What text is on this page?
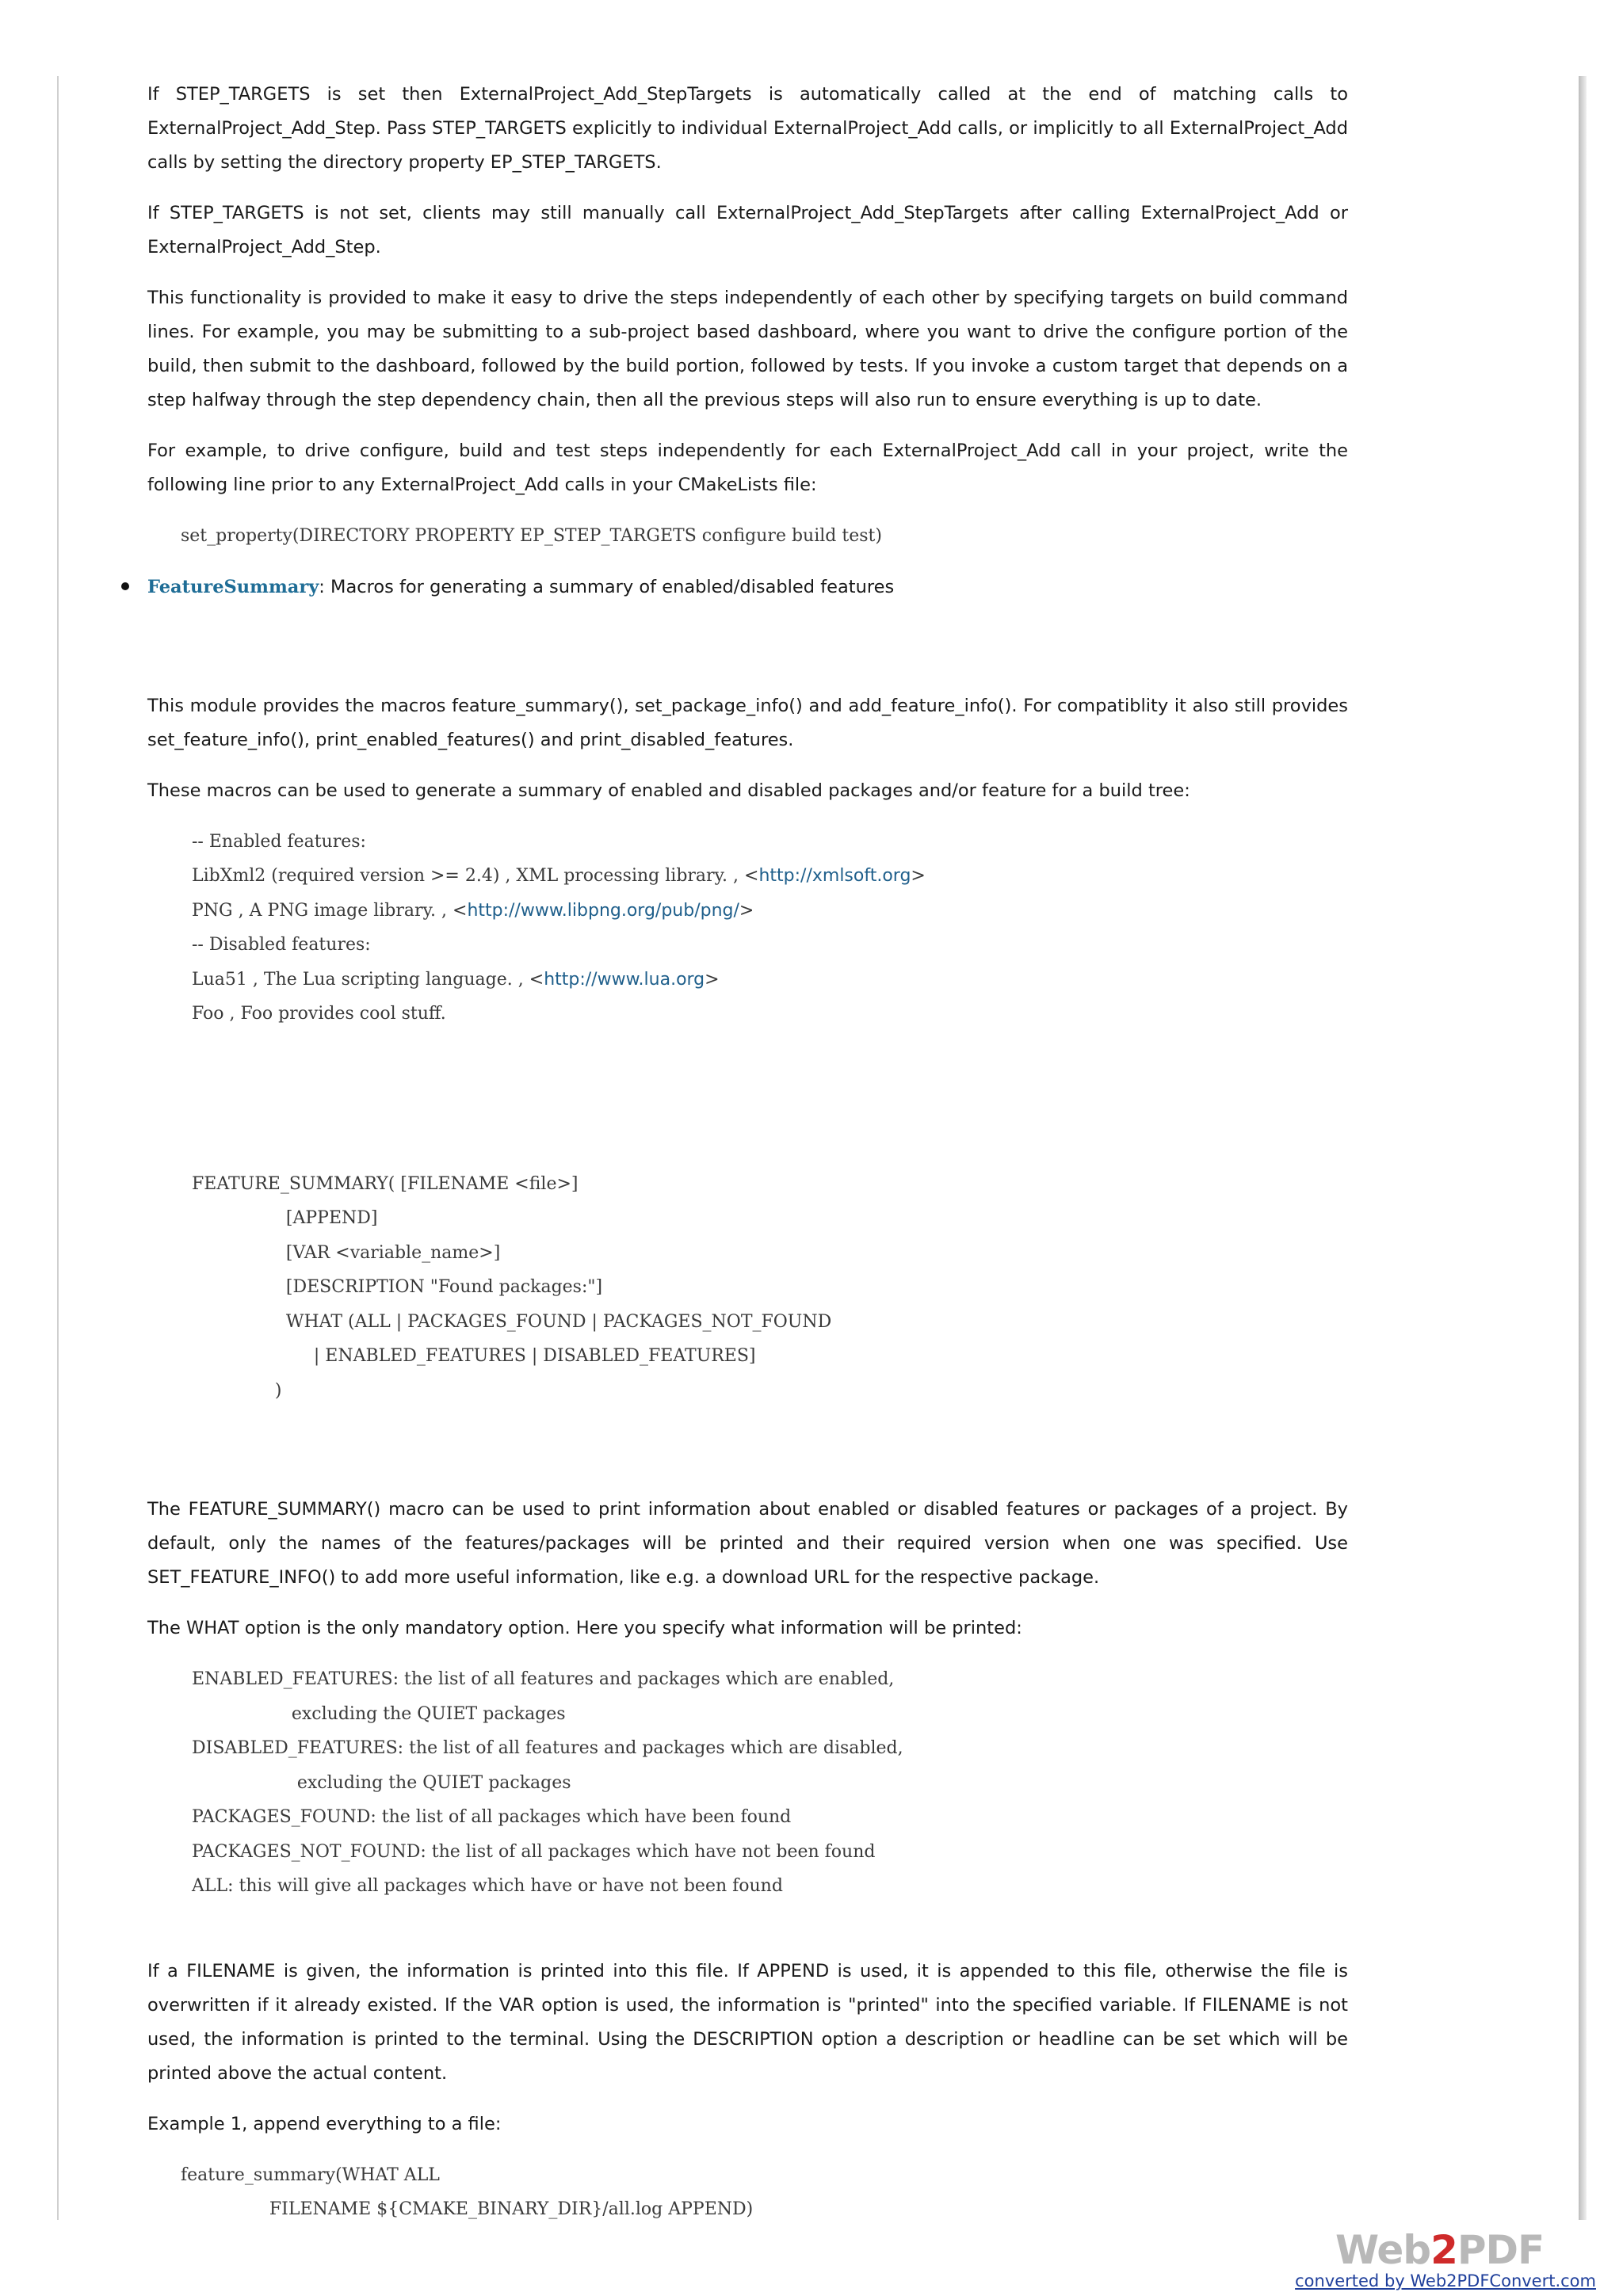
If STEP_TARGETS is set then ExternalProject_Add_StepTargets is automatically called at the end of matching calls to ExternalProject_Add_Step. Pass STEP_TARGETS explicitly to individual ExternalProject_Add calls, or implicitly to all ExternalProject_Add calls by setting the directory property EP_STEP_TARGETS.

If STEP_TARGETS is not set, clients may still manually call ExternalProject_Add_StepTargets after calling ExternalProject_Add or ExternalProject_Add_Step.

This functionality is provided to make it easy to drive the steps independently of each other by specifying targets on build command lines. For example, you may be submitting to a sub-project based dashboard, where you want to drive the configure portion of the build, then submit to the dashboard, followed by the build portion, followed by tests. If you invoke a custom target that depends on a step halfway through the step dependency chain, then all the previous steps will also run to ensure everything is up to date.

For example, to drive configure, build and test steps independently for each ExternalProject_Add call in your project, write the following line prior to any ExternalProject_Add calls in your CMakeLists file:

set_property(DIRECTORY PROPERTY EP_STEP_TARGETS configure build test)
FeatureSummary: Macros for generating a summary of enabled/disabled features

This module provides the macros feature_summary(), set_package_info() and add_feature_info(). For compatiblity it also still provides set_feature_info(), print_enabled_features() and print_disabled_features.

These macros can be used to generate a summary of enabled and disabled packages and/or feature for a build tree:

-- Enabled features:
LibXml2 (required version >= 2.4) , XML processing library. , <http://xmlsoft.org>
PNG , A PNG image library. , <http://www.libpng.org/pub/png/>
-- Disabled features:
Lua51 , The Lua scripting language. , <http://www.lua.org>
Foo , Foo provides cool stuff.
FEATURE_SUMMARY( [FILENAME <file>]
[APPEND]
[VAR <variable_name>]
[DESCRIPTION "Found packages:"]
WHAT (ALL | PACKAGES_FOUND | PACKAGES_NOT_FOUND
| ENABLED_FEATURES | DISABLED_FEATURES]
)

The FEATURE_SUMMARY() macro can be used to print information about enabled or disabled features or packages of a project. By default, only the names of the features/packages will be printed and their required version when one was specified. Use SET_FEATURE_INFO() to add more useful information, like e.g. a download URL for the respective package.

The WHAT option is the only mandatory option. Here you specify what information will be printed:

ENABLED_FEATURES: the list of all features and packages which are enabled,
excluding the QUIET packages
DISABLED_FEATURES: the list of all features and packages which are disabled,
excluding the QUIET packages
PACKAGES_FOUND: the list of all packages which have been found
PACKAGES_NOT_FOUND: the list of all packages which have not been found
ALL: this will give all packages which have or have not been found

If a FILENAME is given, the information is printed into this file. If APPEND is used, it is appended to this file, otherwise the file is overwritten if it already existed. If the VAR option is used, the information is "printed" into the specified variable. If FILENAME is not used, the information is printed to the terminal. Using the DESCRIPTION option a description or headline can be set which will be printed above the actual content.

Example 1, append everything to a file:

feature_summary(WHAT ALL
FILENAME ${CMAKE_BINARY_DIR}/all.log APPEND)
Web2PDF
converted by Web2PDFConvert.com
